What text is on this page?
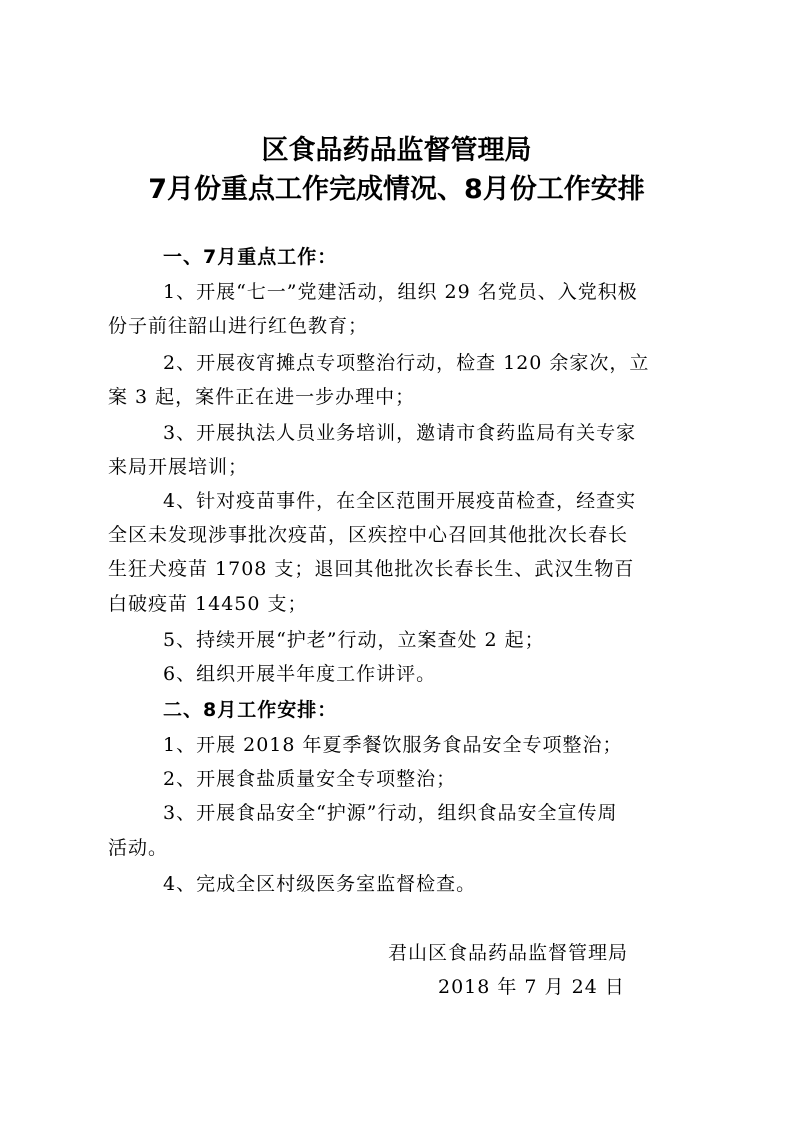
区食品药品监督管理局
7月份重点工作完成情况、8月份工作安排
一、7月重点工作：
1、开展“七一”党建活动，组织 29 名党员、入党积极
份子前往韶山进行红色教育；
2、开展夜宵摊点专项整治行动，检查 120 余家次，立
案 3 起，案件正在进一步办理中；
3、开展执法人员业务培训，邀请市食药监局有关专家
来局开展培训；
4、针对疫苗事件，在全区范围开展疫苗检查，经查实
全区未发现涉事批次疫苗，区疾控中心召回其他批次长春长
生狂犬疫苗 1708 支；退回其他批次长春长生、武汉生物百
白破疫苗 14450 支；
5、持续开展“护老”行动，立案查处 2 起；
6、组织开展半年度工作讲评。
二、8月工作安排：
1、开展 2018 年夏季餐饮服务食品安全专项整治；
2、开展食盐质量安全专项整治；
3、开展食品安全“护源”行动，组织食品安全宣传周
活动。
4、完成全区村级医务室监督检查。
君山区食品药品监督管理局
2018 年 7 月 24 日
